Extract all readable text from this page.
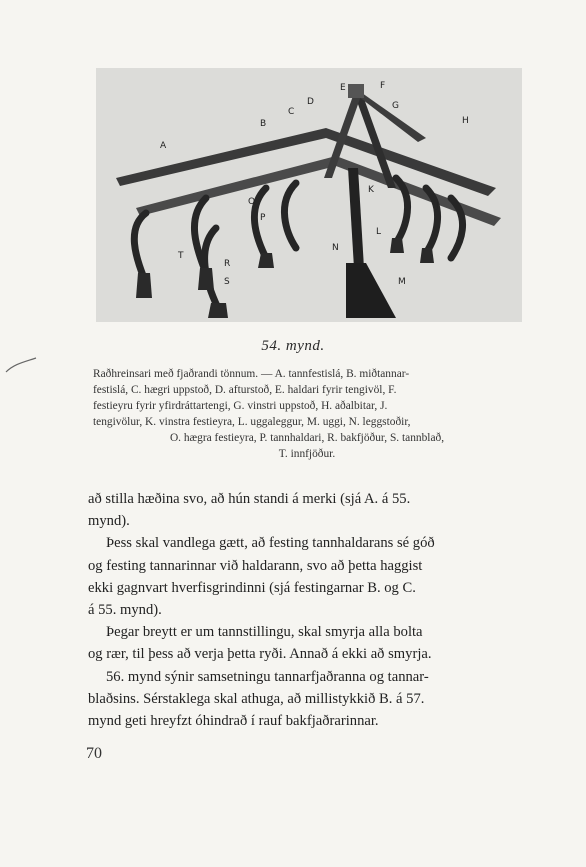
A
B
C
D
E	F
G
H
J
K
L
M
N
O
P
R
S
T
54. mynd.
Raðhreinsari með fjaðrandi tönnum. — A. tannfestislá, B. miðtannar-
festislá, C. hægri uppstoð, D. afturstoð, E. haldari fyrir tengivöl, F.
festieyru fyrir yfirdráttartengi, G. vinstri uppstoð, H. aðalbitar, J.
tengivölur, K. vinstra festieyra, L. uggaleggur, M. uggi, N. leggstoðir,
O. hægra festieyra, P. tannhaldari, R. bakfjöður, S. tannblað,
T. innfjöður.
að stilla hæðina svo, að hún standi á merki (sjá A. á 55.
mynd).
Þess skal vandlega gætt, að festing tannhaldarans sé góð
og festing tannarinnar við haldarann, svo að þetta haggist
ekki gagnvart hverfisgrindinni (sjá festingarnar B. og C.
á 55. mynd).
Þegar breytt er um tannstillingu, skal smyrja alla bolta
og rær, til þess að verja þetta ryði. Annað á ekki að smyrja.
56. mynd sýnir samsetningu tannarfjaðranna og tannar-
blaðsins. Sérstaklega skal athuga, að millistykkið B. á 57.
mynd geti hreyfzt óhindrað í rauf bakfjaðrarinnar.
70
